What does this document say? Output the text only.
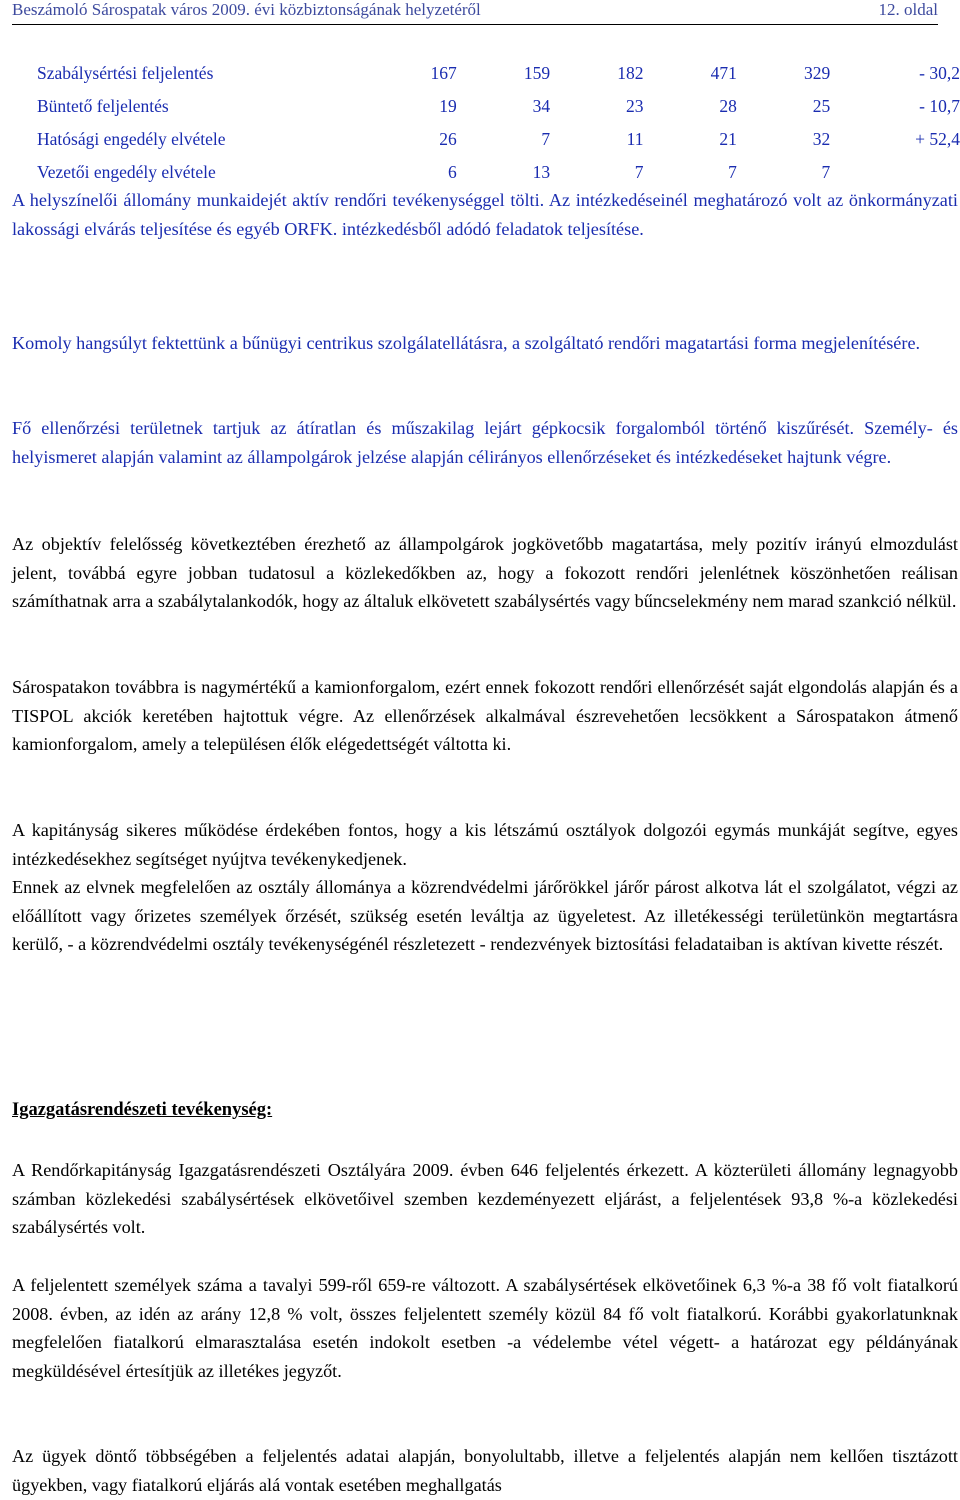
Beszámoló Sárospatak város 2009. évi közbiztonságának helyzetéről	12. oldal
Szabálysértési feljelentés	167	159	182	471	329	- 30,2
Büntető feljelentés	19	34	23	28	25	- 10,7
Hatósági engedély elvétele	26	7	11	21	32	+ 52,4
Vezetői engedély elvétele	6	13	7	7	7	
A helyszínelői állomány munkaidejét aktív rendőri tevékenységgel tölti. Az intézkedéseinél meghatározó volt az önkormányzati lakossági elvárás teljesítése és egyéb ORFK. intézkedésből adódó feladatok teljesítése.
Komoly hangsúlyt fektettünk a bűnügyi centrikus szolgálatellátásra, a szolgáltató rendőri magatartási forma megjelenítésére.
Fő ellenőrzési területnek tartjuk az átíratlan és műszakilag lejárt gépkocsik forgalomból történő kiszűrését. Személy- és helyismeret alapján valamint az állampolgárok jelzése alapján célirányos ellenőrzéseket és intézkedéseket hajtunk végre.
Az objektív felelősség következtében érezhető az állampolgárok jogkövetőbb magatartása, mely pozitív irányú elmozdulást jelent, továbbá egyre jobban tudatosul a közlekedőkben az, hogy a fokozott rendőri jelenlétnek köszönhetően reálisan számíthatnak arra a szabálytalankodók, hogy az általuk elkövetett szabálysértés vagy bűncselekmény nem marad szankció nélkül.
Sárospatakon továbbra is nagymértékű a kamionforgalom, ezért ennek fokozott rendőri ellenőrzését saját elgondolás alapján és a TISPOL akciók keretében hajtottuk végre. Az ellenőrzések alkalmával észrevehetően lecsökkent a Sárospatakon átmenő kamionforgalom, amely a településen élők elégedettségét váltotta ki.
A kapitányság sikeres működése érdekében fontos, hogy a kis létszámú osztályok dolgozói egymás munkáját segítve, egyes intézkedésekhez segítséget nyújtva tevékenykedjenek.
Ennek az elvnek megfelelően az osztály állománya a közrendvédelmi járőrökkel járőr párost alkotva lát el szolgálatot, végzi az előállított vagy őrizetes személyek őrzését, szükség esetén leváltja az ügyeletest. Az illetékességi területünkön megtartásra kerülő, - a közrendvédelmi osztály tevékenységénél részletezett - rendezvények biztosítási feladataiban is aktívan kivette részét.
Igazgatásrendészeti tevékenység:
A Rendőrkapitányság Igazgatásrendészeti Osztályára 2009. évben 646 feljelentés érkezett. A közterületi állomány legnagyobb számban közlekedési szabálysértések elkövetőivel szemben kezdeményezett eljárást, a feljelentések 93,8 %-a közlekedési szabálysértés volt.
A feljelentett személyek száma a tavalyi 599-ről 659-re változott. A szabálysértések elkövetőinek 6,3 %-a 38 fő volt fiatalkorú 2008. évben, az idén az arány 12,8 % volt, összes feljelentett személy közül 84 fő volt fiatalkorú. Korábbi gyakorlatunknak megfelelően fiatalkorú elmarasztalása esetén indokolt esetben -a védelembe vétel végett- a határozat egy példányának megküldésével értesítjük az illetékes jegyzőt.
Az ügyek döntő többségében a feljelentés adatai alapján, bonyolultabb, illetve a feljelentés alapján nem kellően tisztázott ügyekben, vagy fiatalkorú eljárás alá vontak esetében meghallgatás
